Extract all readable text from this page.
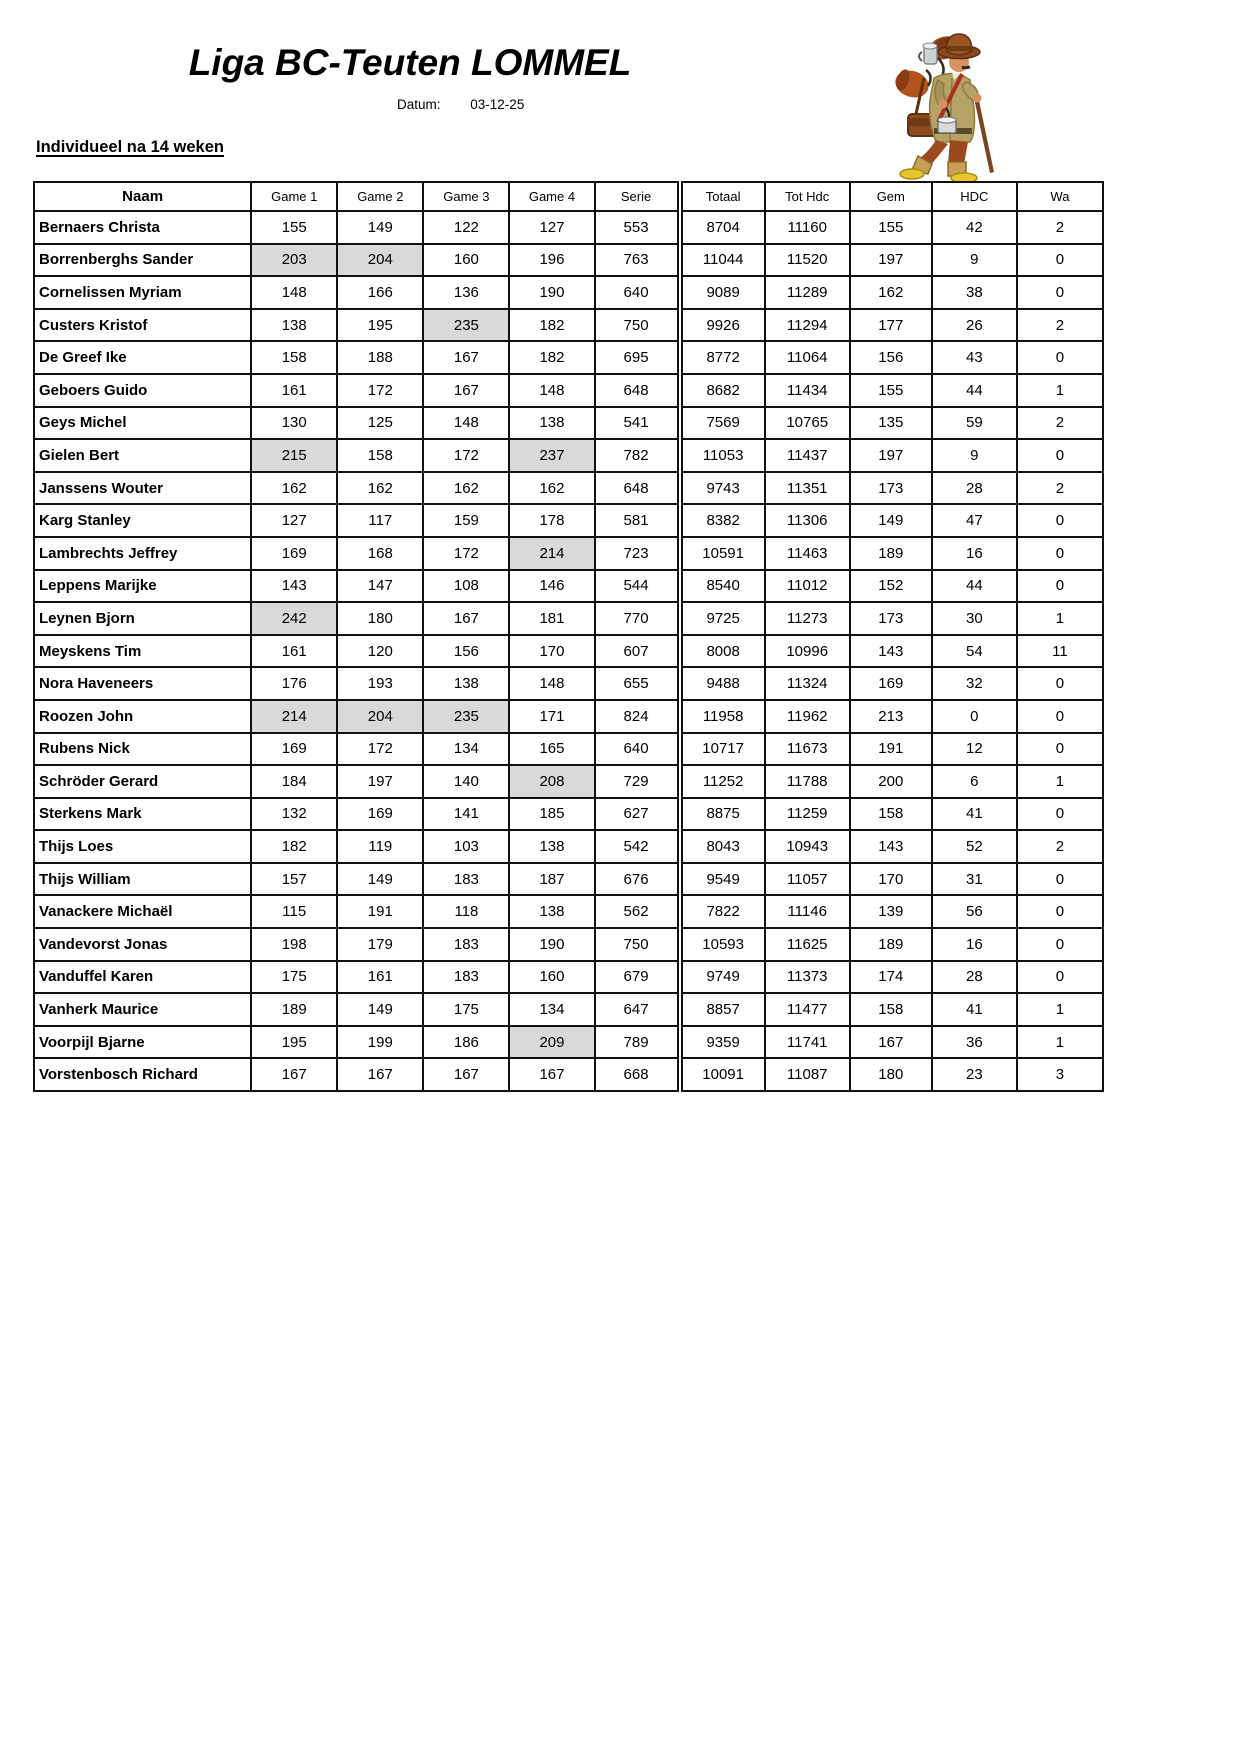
Liga BC-Teuten LOMMEL
Datum: 03-12-25
Individueel na 14 weken
Naam	Game 1	Game 2	Game 3	Game 4	Serie	Totaal	Tot Hdc	Gem	HDC	Wa
Bernaers Christa	155	149	122	127	553	8704	11160	155	42	2
Borrenberghs Sander	203	204	160	196	763	11044	11520	197	9	0
Cornelissen Myriam	148	166	136	190	640	9089	11289	162	38	0
Custers Kristof	138	195	235	182	750	9926	11294	177	26	2
De Greef Ike	158	188	167	182	695	8772	11064	156	43	0
Geboers Guido	161	172	167	148	648	8682	11434	155	44	1
Geys Michel	130	125	148	138	541	7569	10765	135	59	2
Gielen Bert	215	158	172	237	782	11053	11437	197	9	0
Janssens Wouter	162	162	162	162	648	9743	11351	173	28	2
Karg Stanley	127	117	159	178	581	8382	11306	149	47	0
Lambrechts Jeffrey	169	168	172	214	723	10591	11463	189	16	0
Leppens Marijke	143	147	108	146	544	8540	11012	152	44	0
Leynen Bjorn	242	180	167	181	770	9725	11273	173	30	1
Meyskens Tim	161	120	156	170	607	8008	10996	143	54	11
Nora Haveneers	176	193	138	148	655	9488	11324	169	32	0
Roozen John	214	204	235	171	824	11958	11962	213	0	0
Rubens Nick	169	172	134	165	640	10717	11673	191	12	0
Schröder Gerard	184	197	140	208	729	11252	11788	200	6	1
Sterkens Mark	132	169	141	185	627	8875	11259	158	41	0
Thijs Loes	182	119	103	138	542	8043	10943	143	52	2
Thijs William	157	149	183	187	676	9549	11057	170	31	0
Vanackere Michaël	115	191	118	138	562	7822	11146	139	56	0
Vandevorst Jonas	198	179	183	190	750	10593	11625	189	16	0
Vanduffel Karen	175	161	183	160	679	9749	11373	174	28	0
Vanherk Maurice	189	149	175	134	647	8857	11477	158	41	1
Voorpijl Bjarne	195	199	186	209	789	9359	11741	167	36	1
Vorstenbosch Richard	167	167	167	167	668	10091	11087	180	23	3
